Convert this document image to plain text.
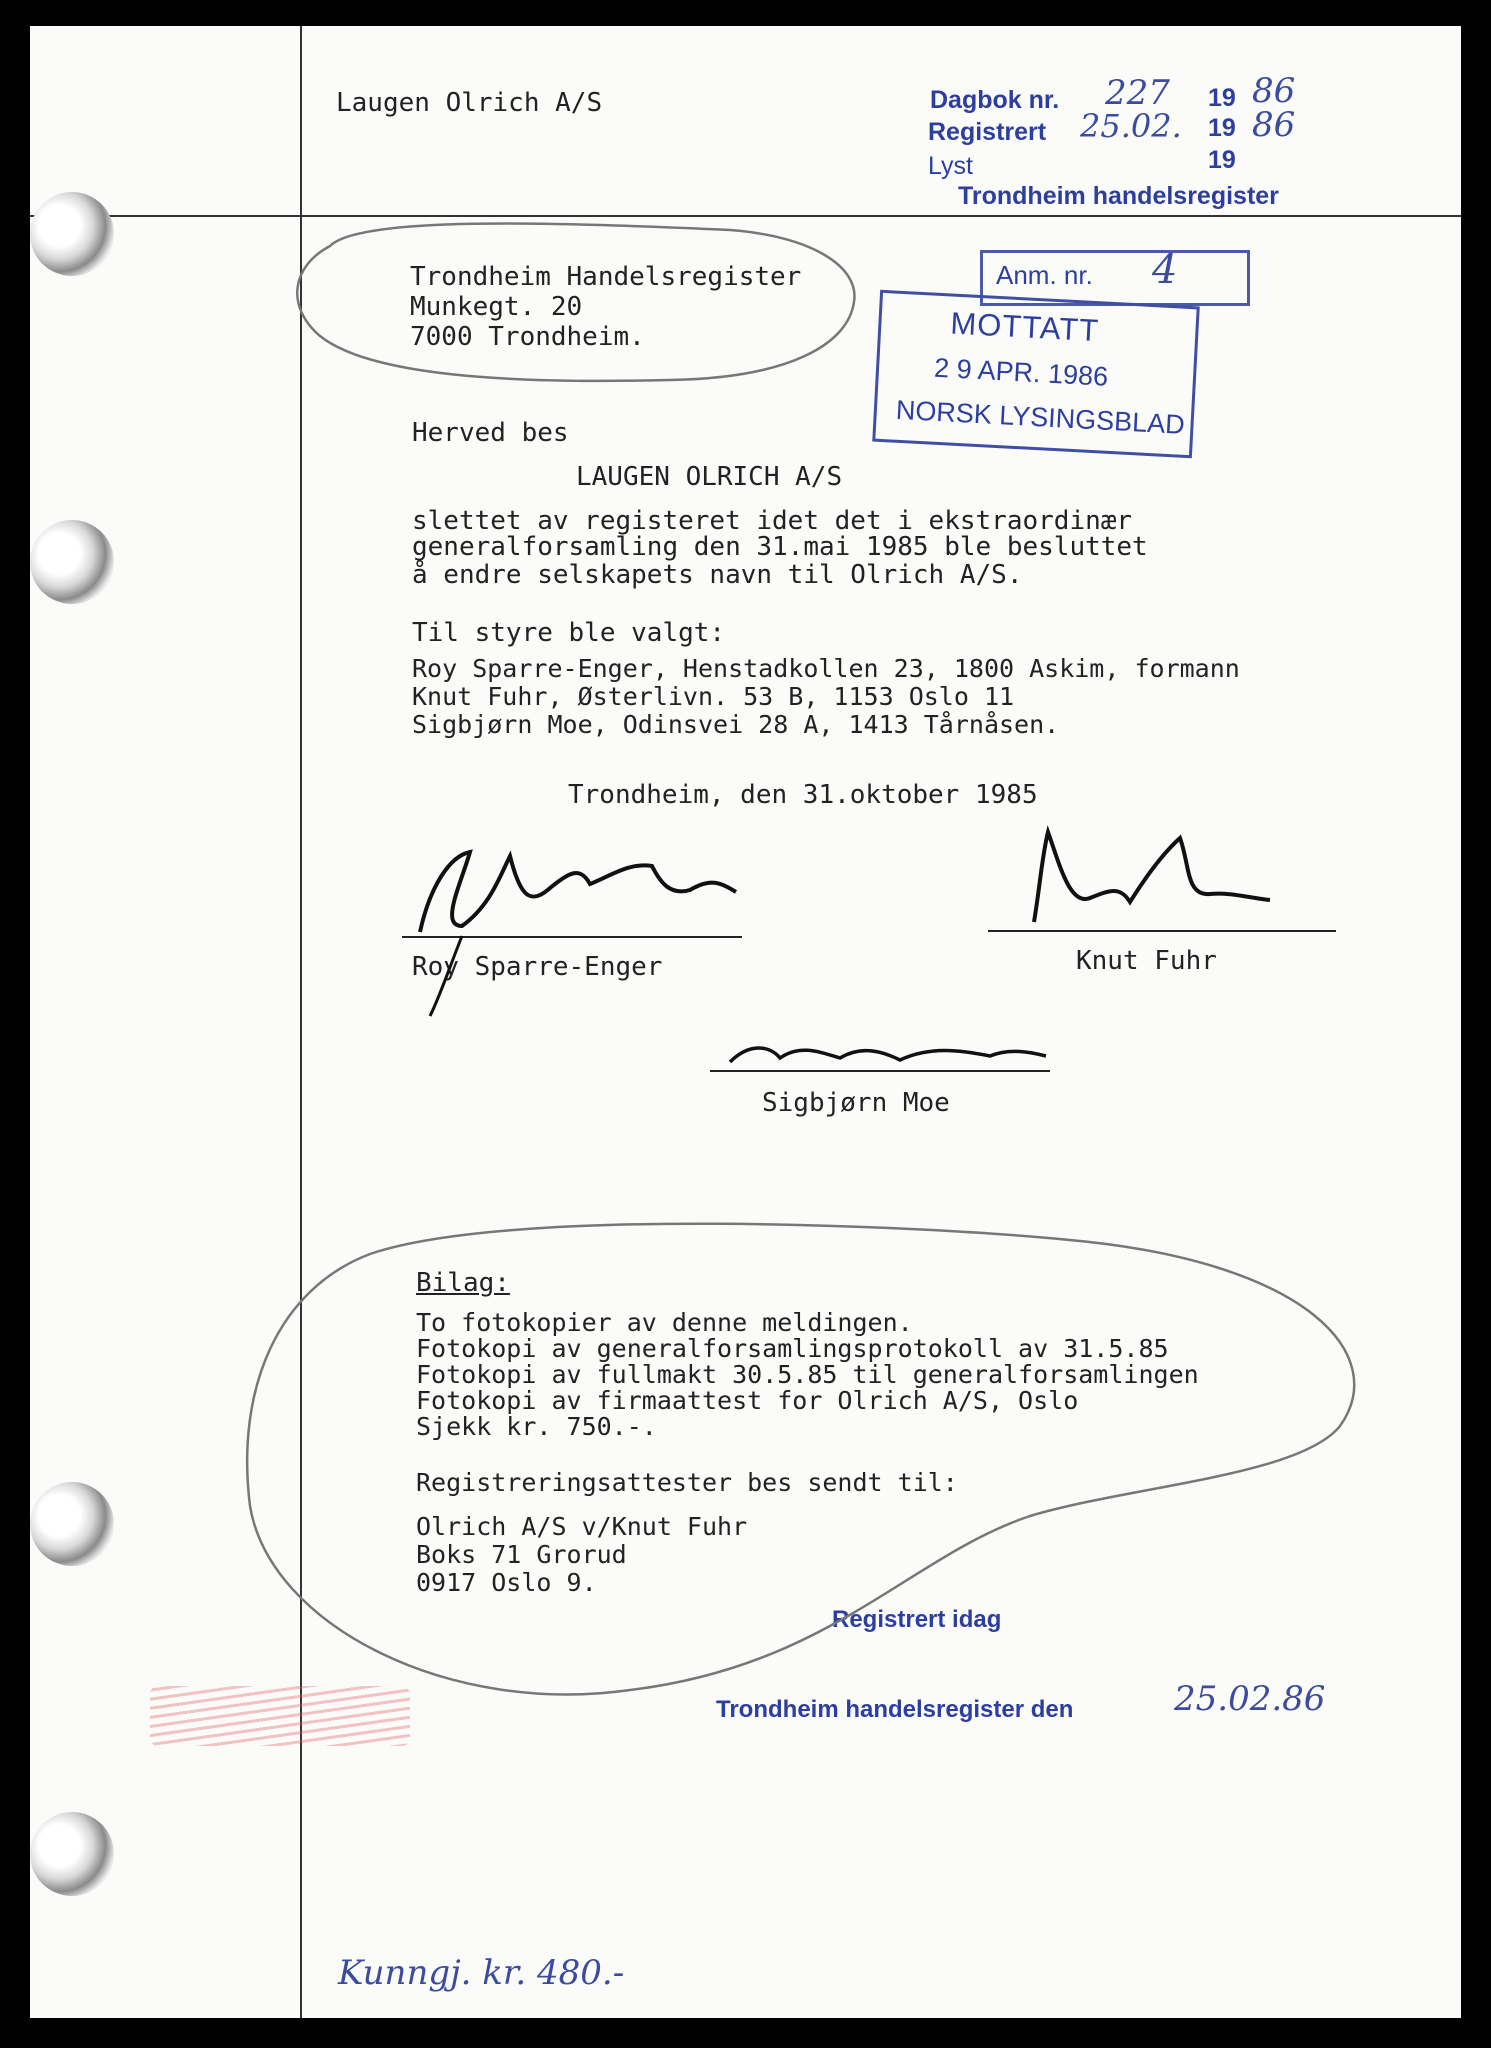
Laugen Olrich A/S	Dagbok nr. 227 19 86
Registrert 25.02. 19 86
Lyst	19
Trondheim handelsregister
Anm. nr. 4
MOTTATT
2 9 APR. 1986
NORSK LYSINGSBLAD
Trondheim Handelsregister
Munkegt. 20
7000 Trondheim.
Herved bes
LAUGEN OLRICH A/S
slettet av registeret idet det i ekstraordinær
generalforsamling den 31.mai 1985 ble besluttet
å endre selskapets navn til Olrich A/S.
Til styre ble valgt:
Roy Sparre-Enger, Henstadkollen 23, 1800 Askim, formann
Knut Fuhr, Østerlivn. 53 B, 1153 Oslo 11
Sigbjørn Moe, Odinsvei 28 A, 1413 Tårnåsen.
Trondheim, den 31.oktober 1985
Roy Sparre-Enger	Knut Fuhr
Sigbjørn Moe
Bilag:
To fotokopier av denne meldingen.
Fotokopi av generalforsamlingsprotokoll av 31.5.85
Fotokopi av fullmakt 30.5.85 til generalforsamlingen
Fotokopi av firmaattest for Olrich A/S, Oslo
Sjekk kr. 750.-.
Registreringsattester bes sendt til:
Olrich A/S v/Knut Fuhr
Boks 71 Grorud
0917 Oslo 9.
Registrert idag
Trondheim handelsregister den	25.02.86
Kunngj. kr. 480.-
